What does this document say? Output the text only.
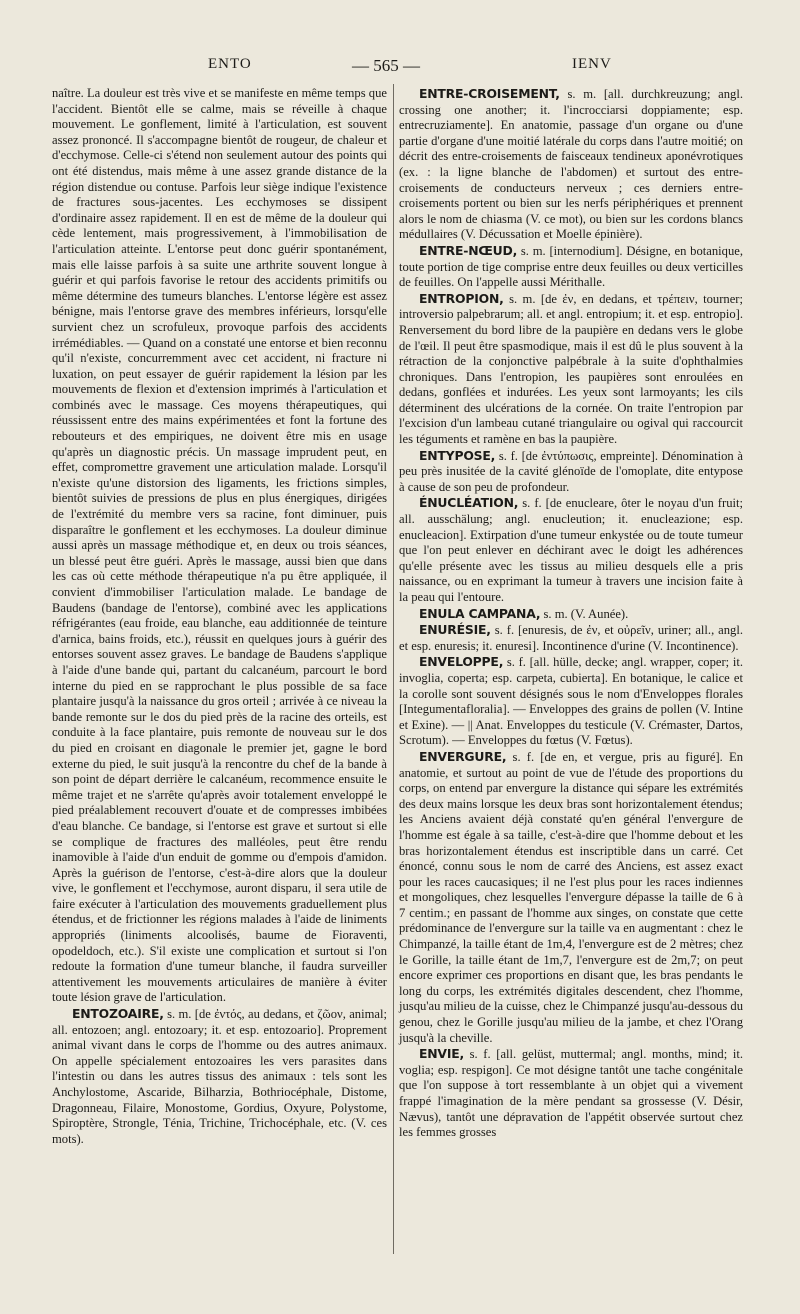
ENTO	— 565 —	IENV

naître. La douleur est très vive et se manifeste en même temps que l'accident. Bientôt elle se calme, mais se réveille à chaque mouvement. Le gonflement, limité à l'articulation, est souvent assez prononcé. Il s'accompagne bientôt de rougeur, de chaleur et d'ecchymose. Celle-ci s'étend non seulement autour des points qui ont été distendus, mais même à une assez grande distance de la région distendue ou contuse. Parfois leur siège indique l'existence de fractures sous-jacentes. Les ecchymoses se dissipent d'ordinaire assez rapidement. Il en est de même de la douleur qui cède lentement, mais progressivement, à l'immobilisation de l'articulation atteinte. L'entorse peut donc guérir spontanément, mais elle laisse parfois à sa suite une arthrite souvent longue à guérir et qui parfois favorise le retour des accidents primitifs ou même détermine des tumeurs blanches. L'entorse légère est assez bénigne, mais l'entorse grave des membres inférieurs, lorsqu'elle survient chez un scrofuleux, provoque parfois des accidents irrémédiables. — Quand on a constaté une entorse et bien reconnu qu'il n'existe, concurremment avec cet accident, ni fracture ni luxation, on peut essayer de guérir rapidement la lésion par les mouvements de flexion et d'extension imprimés à l'articulation et combinés avec le massage. Ces moyens thérapeutiques, qui réussissent entre des mains expérimentées et font la fortune des rebouteurs et des empiriques, ne doivent être mis en usage qu'après un diagnostic précis. Un massage imprudent peut, en effet, compromettre gravement une articulation malade. Lorsqu'il n'existe qu'une distorsion des ligaments, les frictions simples, bientôt suivies de pressions de plus en plus énergiques, dirigées de l'extrémité du membre vers sa racine, font diminuer, puis disparaître le gonflement et les ecchymoses. La douleur diminue aussi après un massage méthodique et, en deux ou trois séances, un blessé peut être guéri. Après le massage, aussi bien que dans les cas où cette méthode thérapeutique n'a pu être appliquée, il convient d'immobiliser l'articulation malade. Le bandage de Baudens (bandage de l'entorse), combiné avec les applications réfrigérantes (eau froide, eau blanche, eau additionnée de teinture d'arnica, bains froids, etc.), réussit en quelques jours à guérir des entorses souvent assez graves. Le bandage de Baudens s'applique à l'aide d'une bande qui, partant du calcanéum, parcourt le bord interne du pied en se rapprochant le plus possible de sa face plantaire jusqu'à la naissance du gros orteil ; arrivée à ce niveau la bande remonte sur le dos du pied près de la racine des orteils, est conduite à la face plantaire, puis remonte de nouveau sur le dos du pied en croisant en diagonale le premier jet, gagne le bord externe du pied, le suit jusqu'à la rencontre du chef de la bande à son point de départ derrière le calcanéum, recommence ensuite le même trajet et ne s'arrête qu'après avoir totalement enveloppé le pied préalablement recouvert d'ouate et de compresses imbibées d'eau blanche. Ce bandage, si l'entorse est grave et surtout si elle se complique de fractures des malléoles, peut être rendu inamovible à l'aide d'un enduit de gomme ou d'empois d'amidon. Après la guérison de l'entorse, c'est-à-dire alors que la douleur vive, le gonflement et l'ecchymose, auront disparu, il sera utile de faire exécuter à l'articulation des mouvements graduellement plus étendus, et de frictionner les régions malades à l'aide de liniments appropriés (liniments alcoolisés, baume de Fioraventi, opodeldoch, etc.). S'il existe une complication et surtout si l'on redoute la formation d'une tumeur blanche, il faudra surveiller attentivement les mouvements articulaires de manière à éviter toute lésion grave de l'articulation.

ENTOZOAIRE, s. m. [de ἐντός, au dedans, et ζῶον, animal; all. entozoen; angl. entozoary; it. et esp. entozoario]. Proprement animal vivant dans le corps de l'homme ou des autres animaux. On appelle spécialement entozoaires les vers parasites dans l'intestin ou dans les autres tissus des animaux : tels sont les Anchylostome, Ascaride, Bilharzia, Bothriocéphale, Distome, Dragonneau, Filaire, Monostome, Gordius, Oxyure, Polystome, Spiroptère, Strongle, Ténia, Trichine, Trichocéphale, etc. (V. ces mots).

ENTRE-CROISEMENT, s. m. [all. durchkreuzung; angl. crossing one another; it. l'incrocciarsi doppiamente; esp. entrecruziamente]. En anatomie, passage d'un organe ou d'une partie d'organe d'une moitié latérale du corps dans l'autre moitié; on décrit des entre-croisements de faisceaux tendineux aponévrotiques (ex. : la ligne blanche de l'abdomen) et surtout des entre-croisements de conducteurs nerveux ; ces derniers entre-croisements portent ou bien sur les nerfs périphériques et prennent alors le nom de chiasma (V. ce mot), ou bien sur les cordons blancs médullaires (V. Décussation et Moelle épinière).

ENTRE-NŒUD, s. m. [internodium]. Désigne, en botanique, toute portion de tige comprise entre deux feuilles ou deux verticilles de feuilles. On l'appelle aussi Mérithalle.

ENTROPION, s. m. [de ἐν, en dedans, et τρέπειν, tourner; introversio palpebrarum; all. et angl. entropium; it. et esp. entropio]. Renversement du bord libre de la paupière en dedans vers le globe de l'œil. Il peut être spasmodique, mais il est dû le plus souvent à la rétraction de la conjonctive palpébrale à la suite d'ophthalmies chroniques. Dans l'entropion, les paupières sont enroulées en dedans, gonflées et indurées. Les yeux sont larmoyants; les cils déterminent des ulcérations de la cornée. On traite l'entropion par l'excision d'un lambeau cutané triangulaire ou ogival qui raccourcit les téguments et ramène en bas la paupière.

ENTYPOSE, s. f. [de ἐντύπωσις, empreinte]. Dénomination à peu près inusitée de la cavité glénoïde de l'omoplate, dite entypose à cause de son peu de profondeur.

ÉNUCLÉATION, s. f. [de enucleare, ôter le noyau d'un fruit; all. ausschälung; angl. enucleution; it. enucleazione; esp. enucleacion]. Extirpation d'une tumeur enkystée ou de toute tumeur que l'on peut enlever en déchirant avec le doigt les adhérences qu'elle présente avec les tissus au milieu desquels elle a pris naissance, ou en exprimant la tumeur à travers une incision faite à la peau qui l'entoure.

ENULA CAMPANA, s. m. (V. Aunée).

ENURÉSIE, s. f. [enuresis, de ἐν, et οὐρεῖν, uriner; all., angl. et esp. enuresis; it. enuresi]. Incontinence d'urine (V. Incontinence).

ENVELOPPE, s. f. [all. hülle, decke; angl. wrapper, coper; it. invoglia, coperta; esp. carpeta, cubierta]. En botanique, le calice et la corolle sont souvent désignés sous le nom d'Enveloppes florales [Integumentafloralia]. — Enveloppes des grains de pollen (V. Intine et Exine). — || Anat. Enveloppes du testicule (V. Crémaster, Dartos, Scrotum). — Enveloppes du fœtus (V. Fœtus).

ENVERGURE, s. f. [de en, et vergue, pris au figuré]. En anatomie, et surtout au point de vue de l'étude des proportions du corps, on entend par envergure la distance qui sépare les extrémités des deux mains lorsque les deux bras sont horizontalement étendus; les Anciens avaient déjà constaté qu'en général l'envergure de l'homme est égale à sa taille, c'est-à-dire que l'homme debout et les bras horizontalement étendus est inscriptible dans un carré. Cet énoncé, connu sous le nom de carré des Anciens, est assez exact pour les races caucasiques; il ne l'est plus pour les races indiennes et mongoliques, chez lesquelles l'envergure dépasse la taille de 6 à 7 centim.; en passant de l'homme aux singes, on constate que cette prédominance de l'envergure sur la taille va en augmentant : chez le Chimpanzé, la taille étant de 1m,4, l'envergure est de 2 mètres; chez le Gorille, la taille étant de 1m,7, l'envergure est de 2m,7; on peut encore exprimer ces proportions en disant que, les bras pendants le long du corps, les extrémités digitales descendent, chez l'homme, jusqu'au milieu de la cuisse, chez le Chimpanzé jusqu'au-dessous du genou, chez le Gorille jusqu'au milieu de la jambe, et chez l'Orang jusqu'à la cheville.

ENVIE, s. f. [all. gelüst, muttermal; angl. months, mind; it. voglia; esp. respigon]. Ce mot désigne tantôt une tache congénitale que l'on suppose à tort ressemblante à un objet qui a vivement frappé l'imagination de la mère pendant sa grossesse (V. Désir, Nævus), tantôt une dépravation de l'appétit observée surtout chez les femmes grosses
